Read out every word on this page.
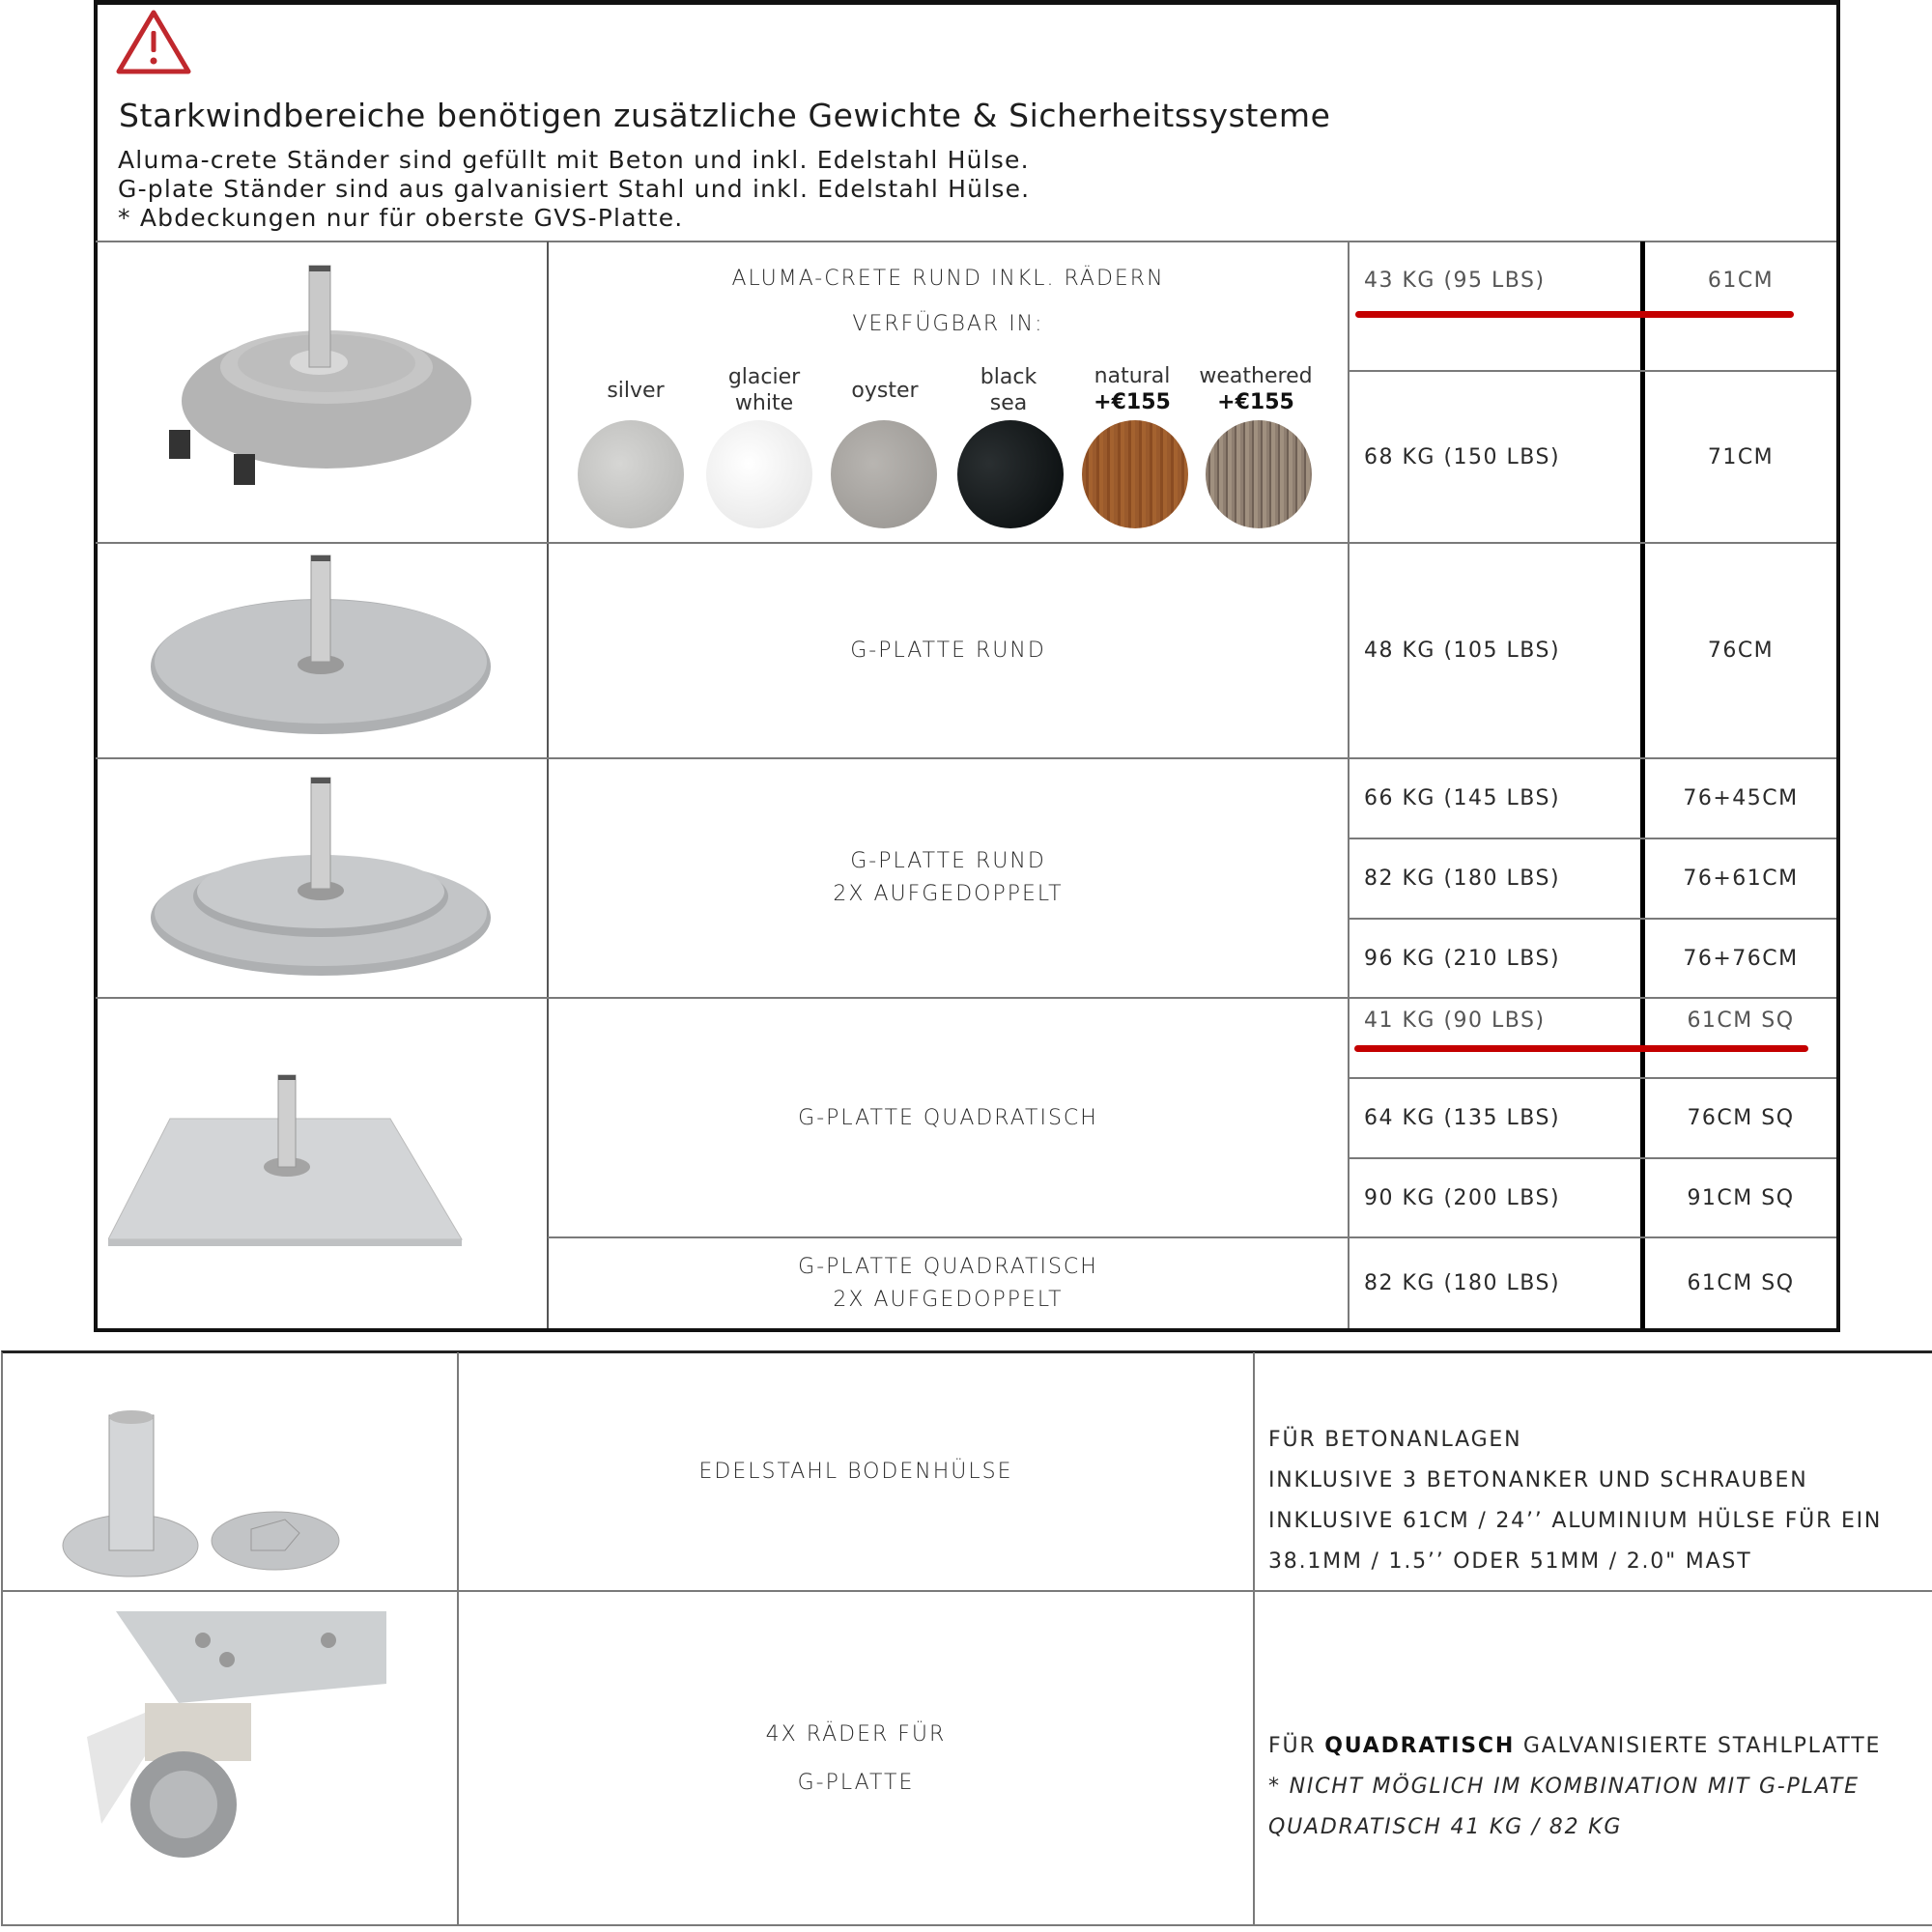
Starkwindbereiche benötigen zusätzliche Gewichte & Sicherheitssysteme
Aluma-crete Ständer sind gefüllt mit Beton und inkl. Edelstahl Hülse.
G-plate Ständer sind aus galvanisiert Stahl und inkl. Edelstahl Hülse.
* Abdeckungen nur für oberste GVS-Platte.
ALUMA-CRETE RUND INKL. RÄDERN
VERFÜGBAR IN:
silver
glacier
white
oyster
black
sea
natural
+€155
weathered
+€155
43 KG (95 LBS)	61CM
68 KG (150 LBS)	71CM
G-PLATTE RUND	48 KG (105 LBS)	76CM
G-PLATTE RUND
2X AUFGEDOPPELT
66 KG (145 LBS)	76+45CM
82 KG (180 LBS)	76+61CM
96 KG (210 LBS)	76+76CM
G-PLATTE QUADRATISCH
41 KG (90 LBS)	61CM SQ
64 KG (135 LBS)	76CM SQ
90 KG (200 LBS)	91CM SQ
G-PLATTE QUADRATISCH
2X AUFGEDOPPELT
82 KG (180 LBS)	61CM SQ
EDELSTAHL BODENHÜLSE
FÜR BETONANLAGEN
INKLUSIVE 3 BETONANKER UND SCHRAUBEN
INKLUSIVE 61CM / 24’’ ALUMINIUM HÜLSE FÜR EIN
38.1MM / 1.5’’ ODER 51MM / 2.0" MAST
4X RÄDER FÜR
G-PLATTE
FÜR QUADRATISCH GALVANISIERTE STAHLPLATTE
* NICHT MÖGLICH IM KOMBINATION MIT G-PLATE
QUADRATISCH 41 KG / 82 KG
